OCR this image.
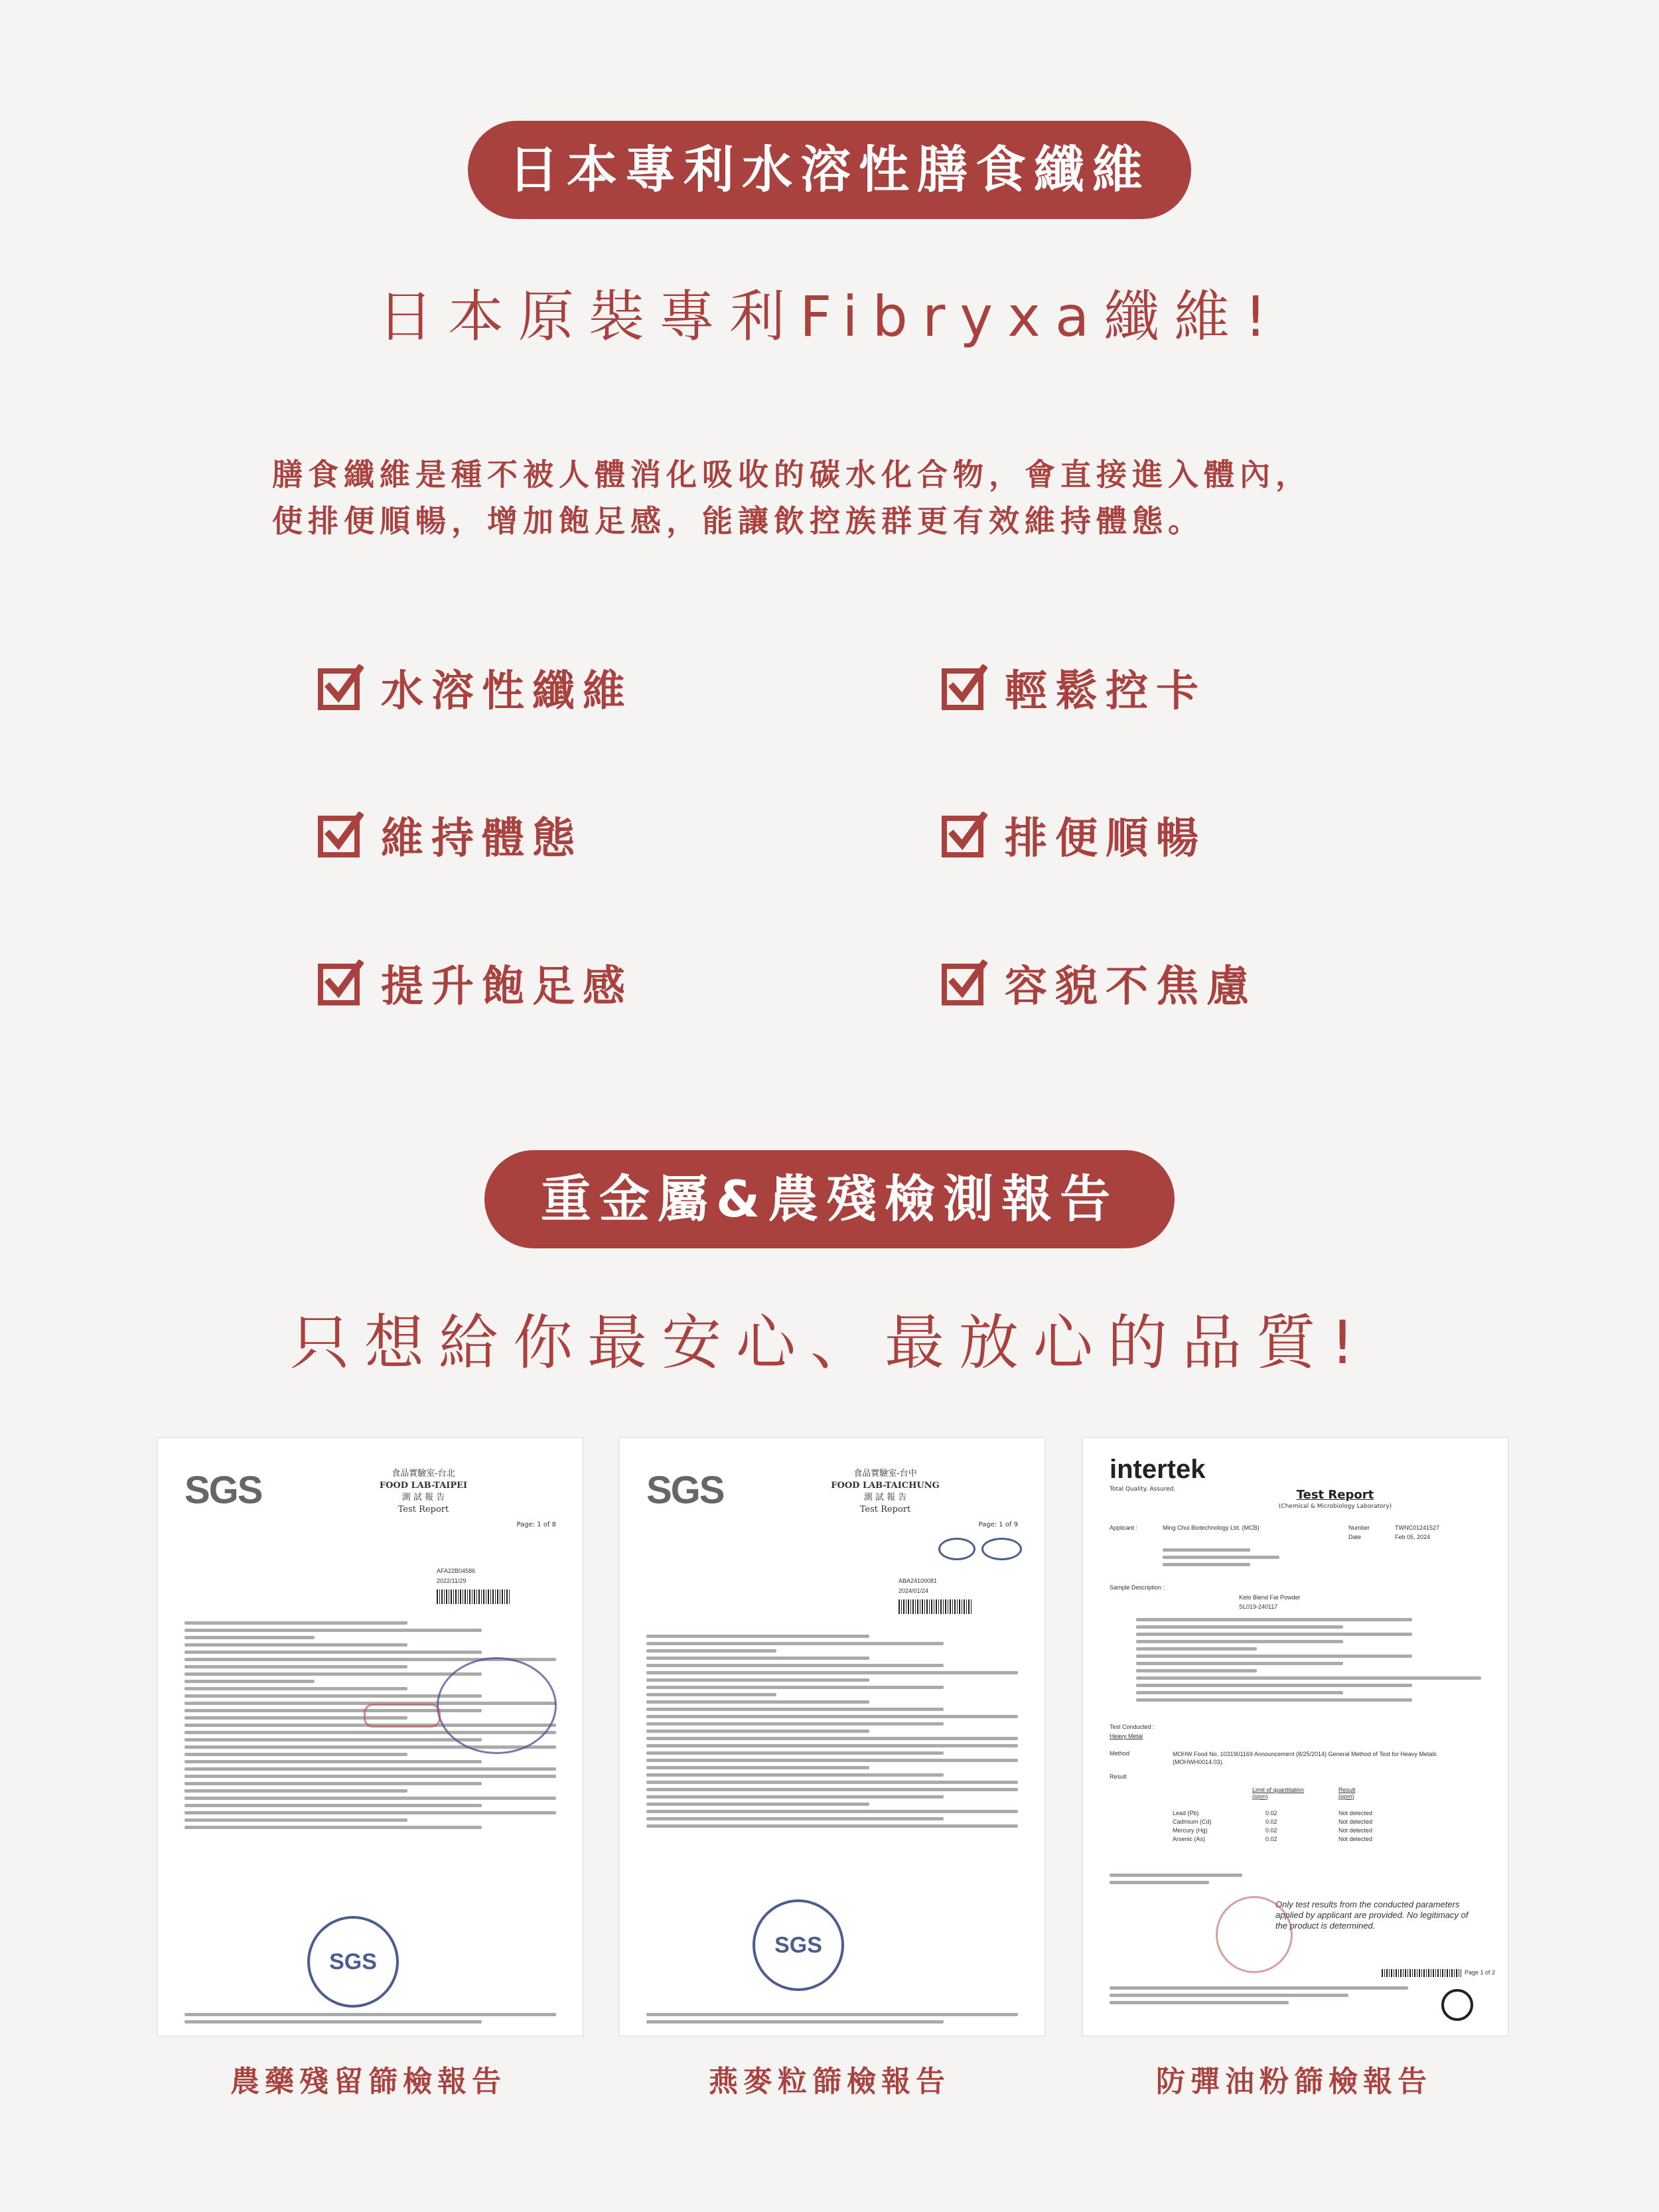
日本專利水溶性膳食纖維
日本原裝專利Fibryxa纖維!
膳食纖維是種不被人體消化吸收的碳水化合物，會直接進入體內，
使排便順暢，增加飽足感，能讓飲控族群更有效維持體態。
水溶性纖維	輕鬆控卡
維持體態	排便順暢
提升飽足感	容貌不焦慮
重金屬&農殘檢測報告
只想給你最安心、最放心的品質!
SGS	食品實驗室-台北
FOOD LAB-TAIPEI
測 試 報 告
Test Report
Page: 1 of 8
AFA22B04586
2022/11/29
SGS
SGS	食品實驗室-台中
FOOD LAB-TAICHUNG
測 試 報 告
Test Report
Page: 1 of 9
ABA24100081
2024/01/24
SGS
intertek
Total Quality. Assured.	Test Report
(Chemical & Microbiology Laboratory)
Applicant :	Ming Chui Biotechnology Ltd. (MCB)	Number	TWNC01241527
Date	Feb 05, 2024
Sample Description :
Keto Blend Fat Powder
SL019-240117
Test Conducted :
Heavy Metal
Method	MOHW Food No. 1031901169 Announcement (8/25/2014) General Method of Test for Heavy Metals (MOHWH0014.03).
Result
Limit of quantitation
(ppm)
Result
(ppm)
Lead (Pb)	0.02	Not detected
Cadmium (Cd)	0.02	Not detected
Mercury (Hg)	0.02	Not detected
Arsenic (As)	0.02	Not detected
Only test results from the conducted parameters applied by applicant are provided. No legitimacy of the product is determined.
Page 1 of 2
農藥殘留篩檢報告	燕麥粒篩檢報告	防彈油粉篩檢報告
